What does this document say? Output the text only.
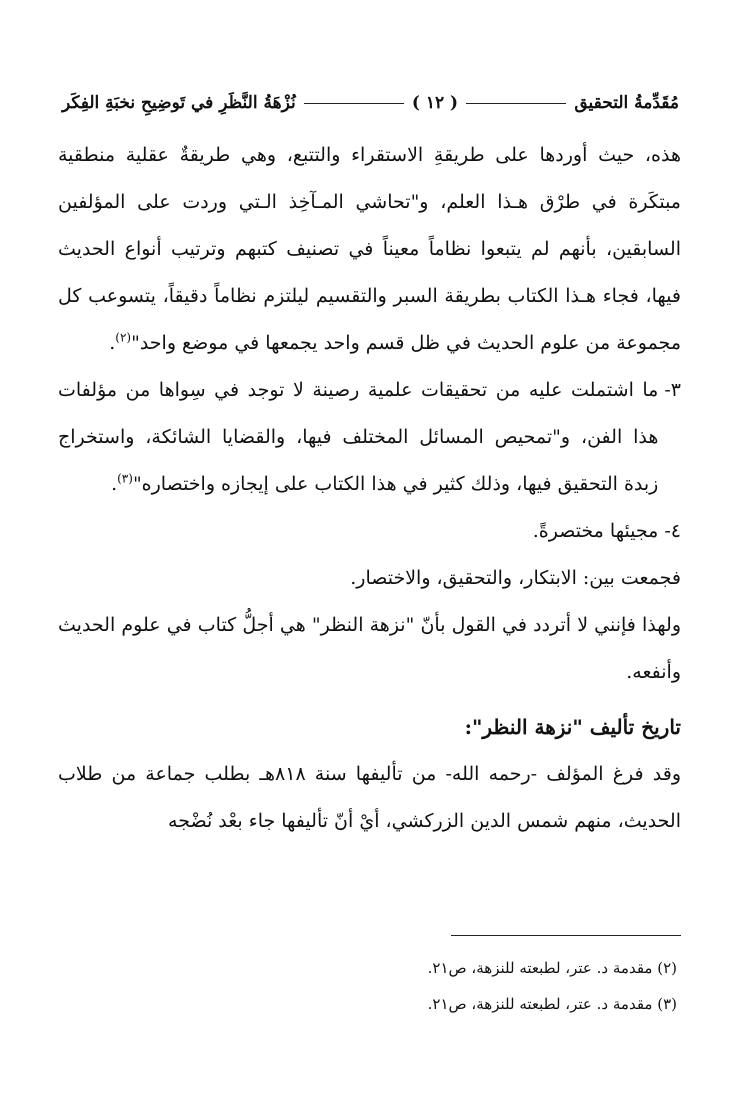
مُقَدِّمةُ التحقيق
( ١٢ )
نُزْهَةُ النَّظَرِ في تَوضِيحِ نخبَةِ الفِكَر

هذه، حيث أوردها على طريقةِ الاستقراء والتتبع، وهي طريقةٌ عقلية منطقية مبتكَرة في طرْق هـذا العلم، و"تحاشي المـآخِذ الـتي وردت على المؤلفين السابقين، بأنهم لم يتبعوا نظاماً معيناً في تصنيف كتبهم وترتيب أنواع الحديث فيها، فجاء هـذا الكتاب بطريقة السبر والتقسيم ليلتزم نظاماً دقيقاً، يتسوعب كل مجموعة من علوم الحديث في ظل قسم واحد يجمعها في موضع واحد"$^{(٢)}$.

٣-
ما اشتملت عليه من تحقيقات علمية رصينة لا توجد في سِواها من مؤلفات هذا الفن، و"تمحيص المسائل المختلف فيها، والقضايا الشائكة، واستخراج زبدة التحقيق فيها، وذلك كثير في هذا الكتاب على إيجازه واختصاره"$^{(٣)}$.
٤-
مجيئها مختصرةً.

فجمعت بين: الابتكار، والتحقيق، والاختصار.

ولهذا فإنني لا أتردد في القول بأنّ "نزهة النظر" هي أجلُّ كتاب في علوم الحديث وأنفعه.

تاريخ تأليف "نزهة النظر":

وقد فرغ المؤلف -رحمه الله- من تأليفها سنة ٨١٨هـ بطلب جماعة من طلاب الحديث، منهم شمس الدين الزركشي، أيْ أنّ تأليفها جاء بعْد نُضْجه

(٢) مقدمة د. عتر، لطبعته للنزهة، ص٢١.

(٣) مقدمة د. عتر، لطبعته للنزهة، ص٢١.
